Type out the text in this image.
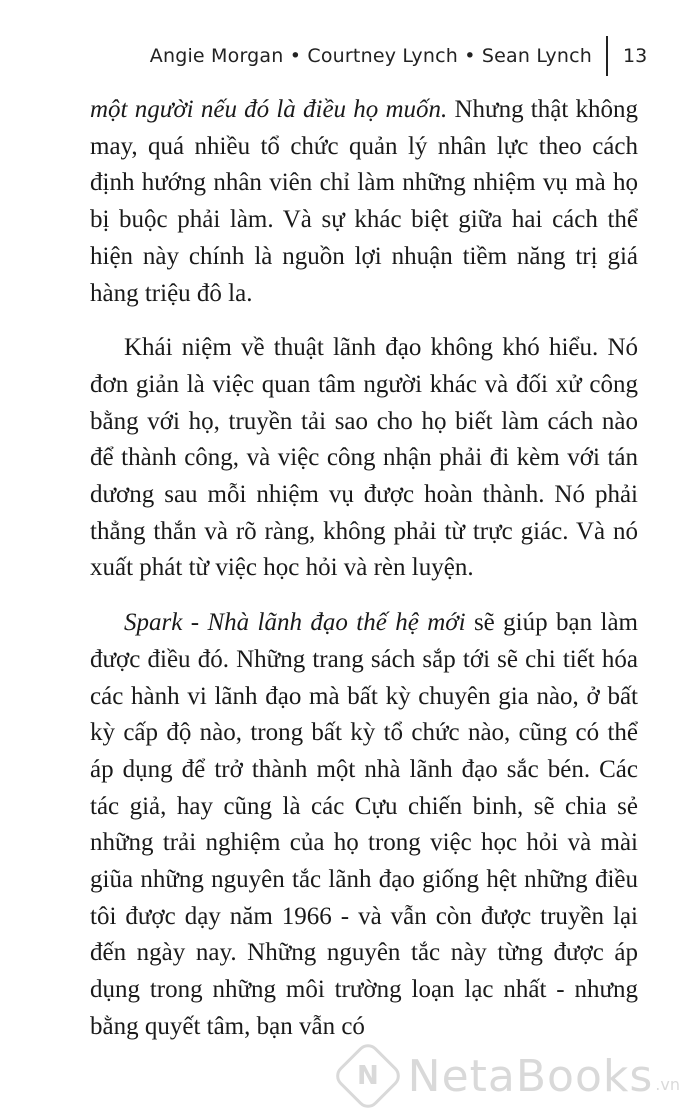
Angie Morgan • Courtney Lynch • Sean Lynch	13

một người nếu đó là điều họ muốn. Nhưng thật không may, quá nhiều tổ chức quản lý nhân lực theo cách định hướng nhân viên chỉ làm những nhiệm vụ mà họ bị buộc phải làm. Và sự khác biệt giữa hai cách thể hiện này chính là nguồn lợi nhuận tiềm năng trị giá hàng triệu đô la.

Khái niệm về thuật lãnh đạo không khó hiểu. Nó đơn giản là việc quan tâm người khác và đối xử công bằng với họ, truyền tải sao cho họ biết làm cách nào để thành công, và việc công nhận phải đi kèm với tán dương sau mỗi nhiệm vụ được hoàn thành. Nó phải thẳng thắn và rõ ràng, không phải từ trực giác. Và nó xuất phát từ việc học hỏi và rèn luyện.

Spark - Nhà lãnh đạo thế hệ mới sẽ giúp bạn làm được điều đó. Những trang sách sắp tới sẽ chi tiết hóa các hành vi lãnh đạo mà bất kỳ chuyên gia nào, ở bất kỳ cấp độ nào, trong bất kỳ tổ chức nào, cũng có thể áp dụng để trở thành một nhà lãnh đạo sắc bén. Các tác giả, hay cũng là các Cựu chiến binh, sẽ chia sẻ những trải nghiệm của họ trong việc học hỏi và mài giũa những nguyên tắc lãnh đạo giống hệt những điều tôi được dạy năm 1966 - và vẫn còn được truyền lại đến ngày nay. Những nguyên tắc này từng được áp dụng trong những môi trường loạn lạc nhất - nhưng bằng quyết tâm, bạn vẫn có

N NetaBooks .vn
